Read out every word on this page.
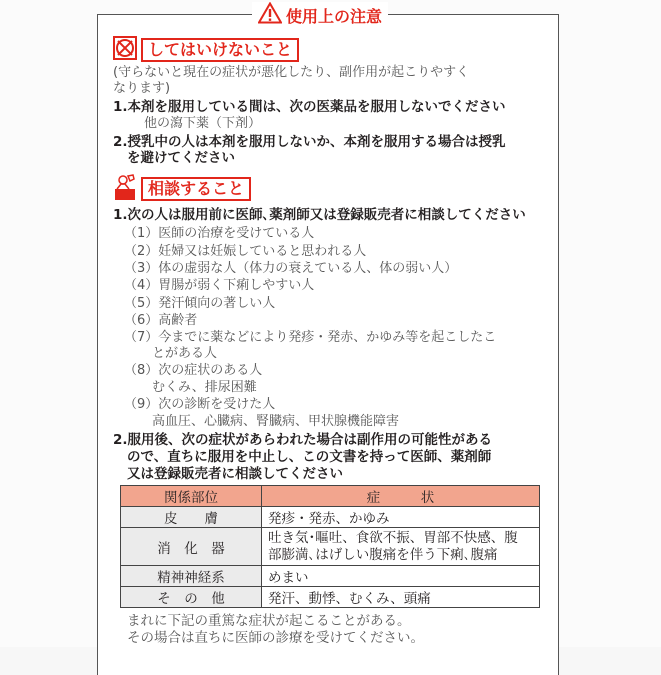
使用上の注意
してはいけないこと
(守らないと現在の症状が悪化したり、副作用が起こりやすく
なります)
1.本剤を服用している間は、次の医薬品を服用しないでください
他の瀉下薬（下剤）
2.授乳中の人は本剤を服用しないか、本剤を服用する場合は授乳
を避けてください
相談すること
1.次の人は服用前に医師､薬剤師又は登録販売者に相談してください
（1）医師の治療を受けている人
（2）妊婦又は妊娠していると思われる人
（3）体の虚弱な人（体力の衰えている人、体の弱い人）
（4）胃腸が弱く下痢しやすい人
（5）発汗傾向の著しい人
（6）高齢者
（7）今までに薬などにより発疹・発赤、かゆみ等を起こしたこ
とがある人
（8）次の症状のある人
むくみ、排尿困難
（9）次の診断を受けた人
高血圧、心臓病、腎臓病、甲状腺機能障害
2.服用後、次の症状があらわれた場合は副作用の可能性がある
ので、直ちに服用を中止し、この文書を持って医師、薬剤師
又は登録販売者に相談してください
関係部位	症　　　状
皮　　膚	発疹・発赤、かゆみ
消　化　器	吐き気･嘔吐、食欲不振、胃部不快感、腹
部膨満､はげしい腹痛を伴う下痢､腹痛

精神神経系	めまい
そ　の　他	発汗、動悸、むくみ、頭痛
まれに下記の重篤な症状が起こることがある。
その場合は直ちに医師の診療を受けてください。
